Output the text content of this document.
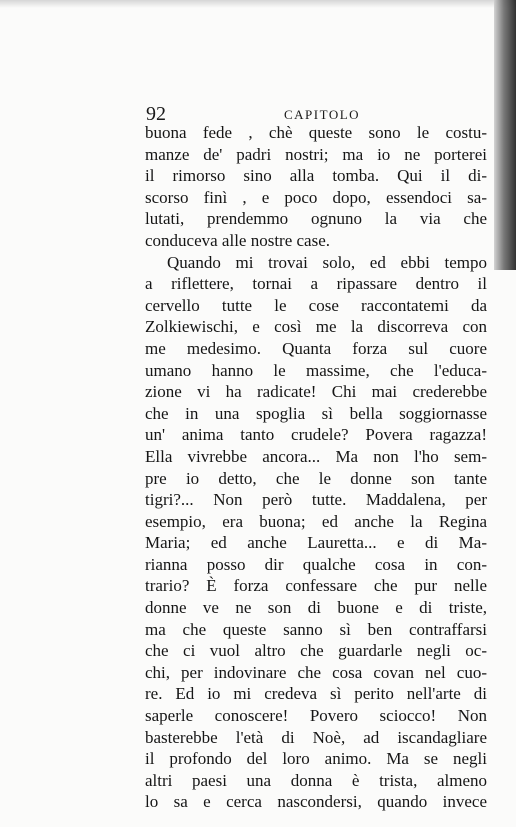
92	CAPITOLO
buona fede , chè queste sono le costu-
manze de' padri nostri; ma io ne porterei
il rimorso sino alla tomba. Qui il di-
scorso finì , e poco dopo, essendoci sa-
lutati, prendemmo ognuno la via che
conduceva alle nostre case.
Quando mi trovai solo, ed ebbi tempo
a riflettere, tornai a ripassare dentro il
cervello tutte le cose raccontatemi da
Zolkiewischi, e così me la discorreva con
me medesimo. Quanta forza sul cuore
umano hanno le massime, che l'educa-
zione vi ha radicate! Chi mai crederebbe
che in una spoglia sì bella soggiornasse
un' anima tanto crudele? Povera ragazza!
Ella vivrebbe ancora... Ma non l'ho sem-
pre io detto, che le donne son tante
tigri?... Non però tutte. Maddalena, per
esempio, era buona; ed anche la Regina
Maria; ed anche Lauretta... e di Ma-
rianna posso dir qualche cosa in con-
trario? È forza confessare che pur nelle
donne ve ne son di buone e di triste,
ma che queste sanno sì ben contraffarsi
che ci vuol altro che guardarle negli oc-
chi, per indovinare che cosa covan nel cuo-
re. Ed io mi credeva sì perito nell'arte di
saperle conoscere! Povero sciocco! Non
basterebbe l'età di Noè, ad iscandagliare
il profondo del loro animo. Ma se negli
altri paesi una donna è trista, almeno
lo sa e cerca nascondersi, quando invece
